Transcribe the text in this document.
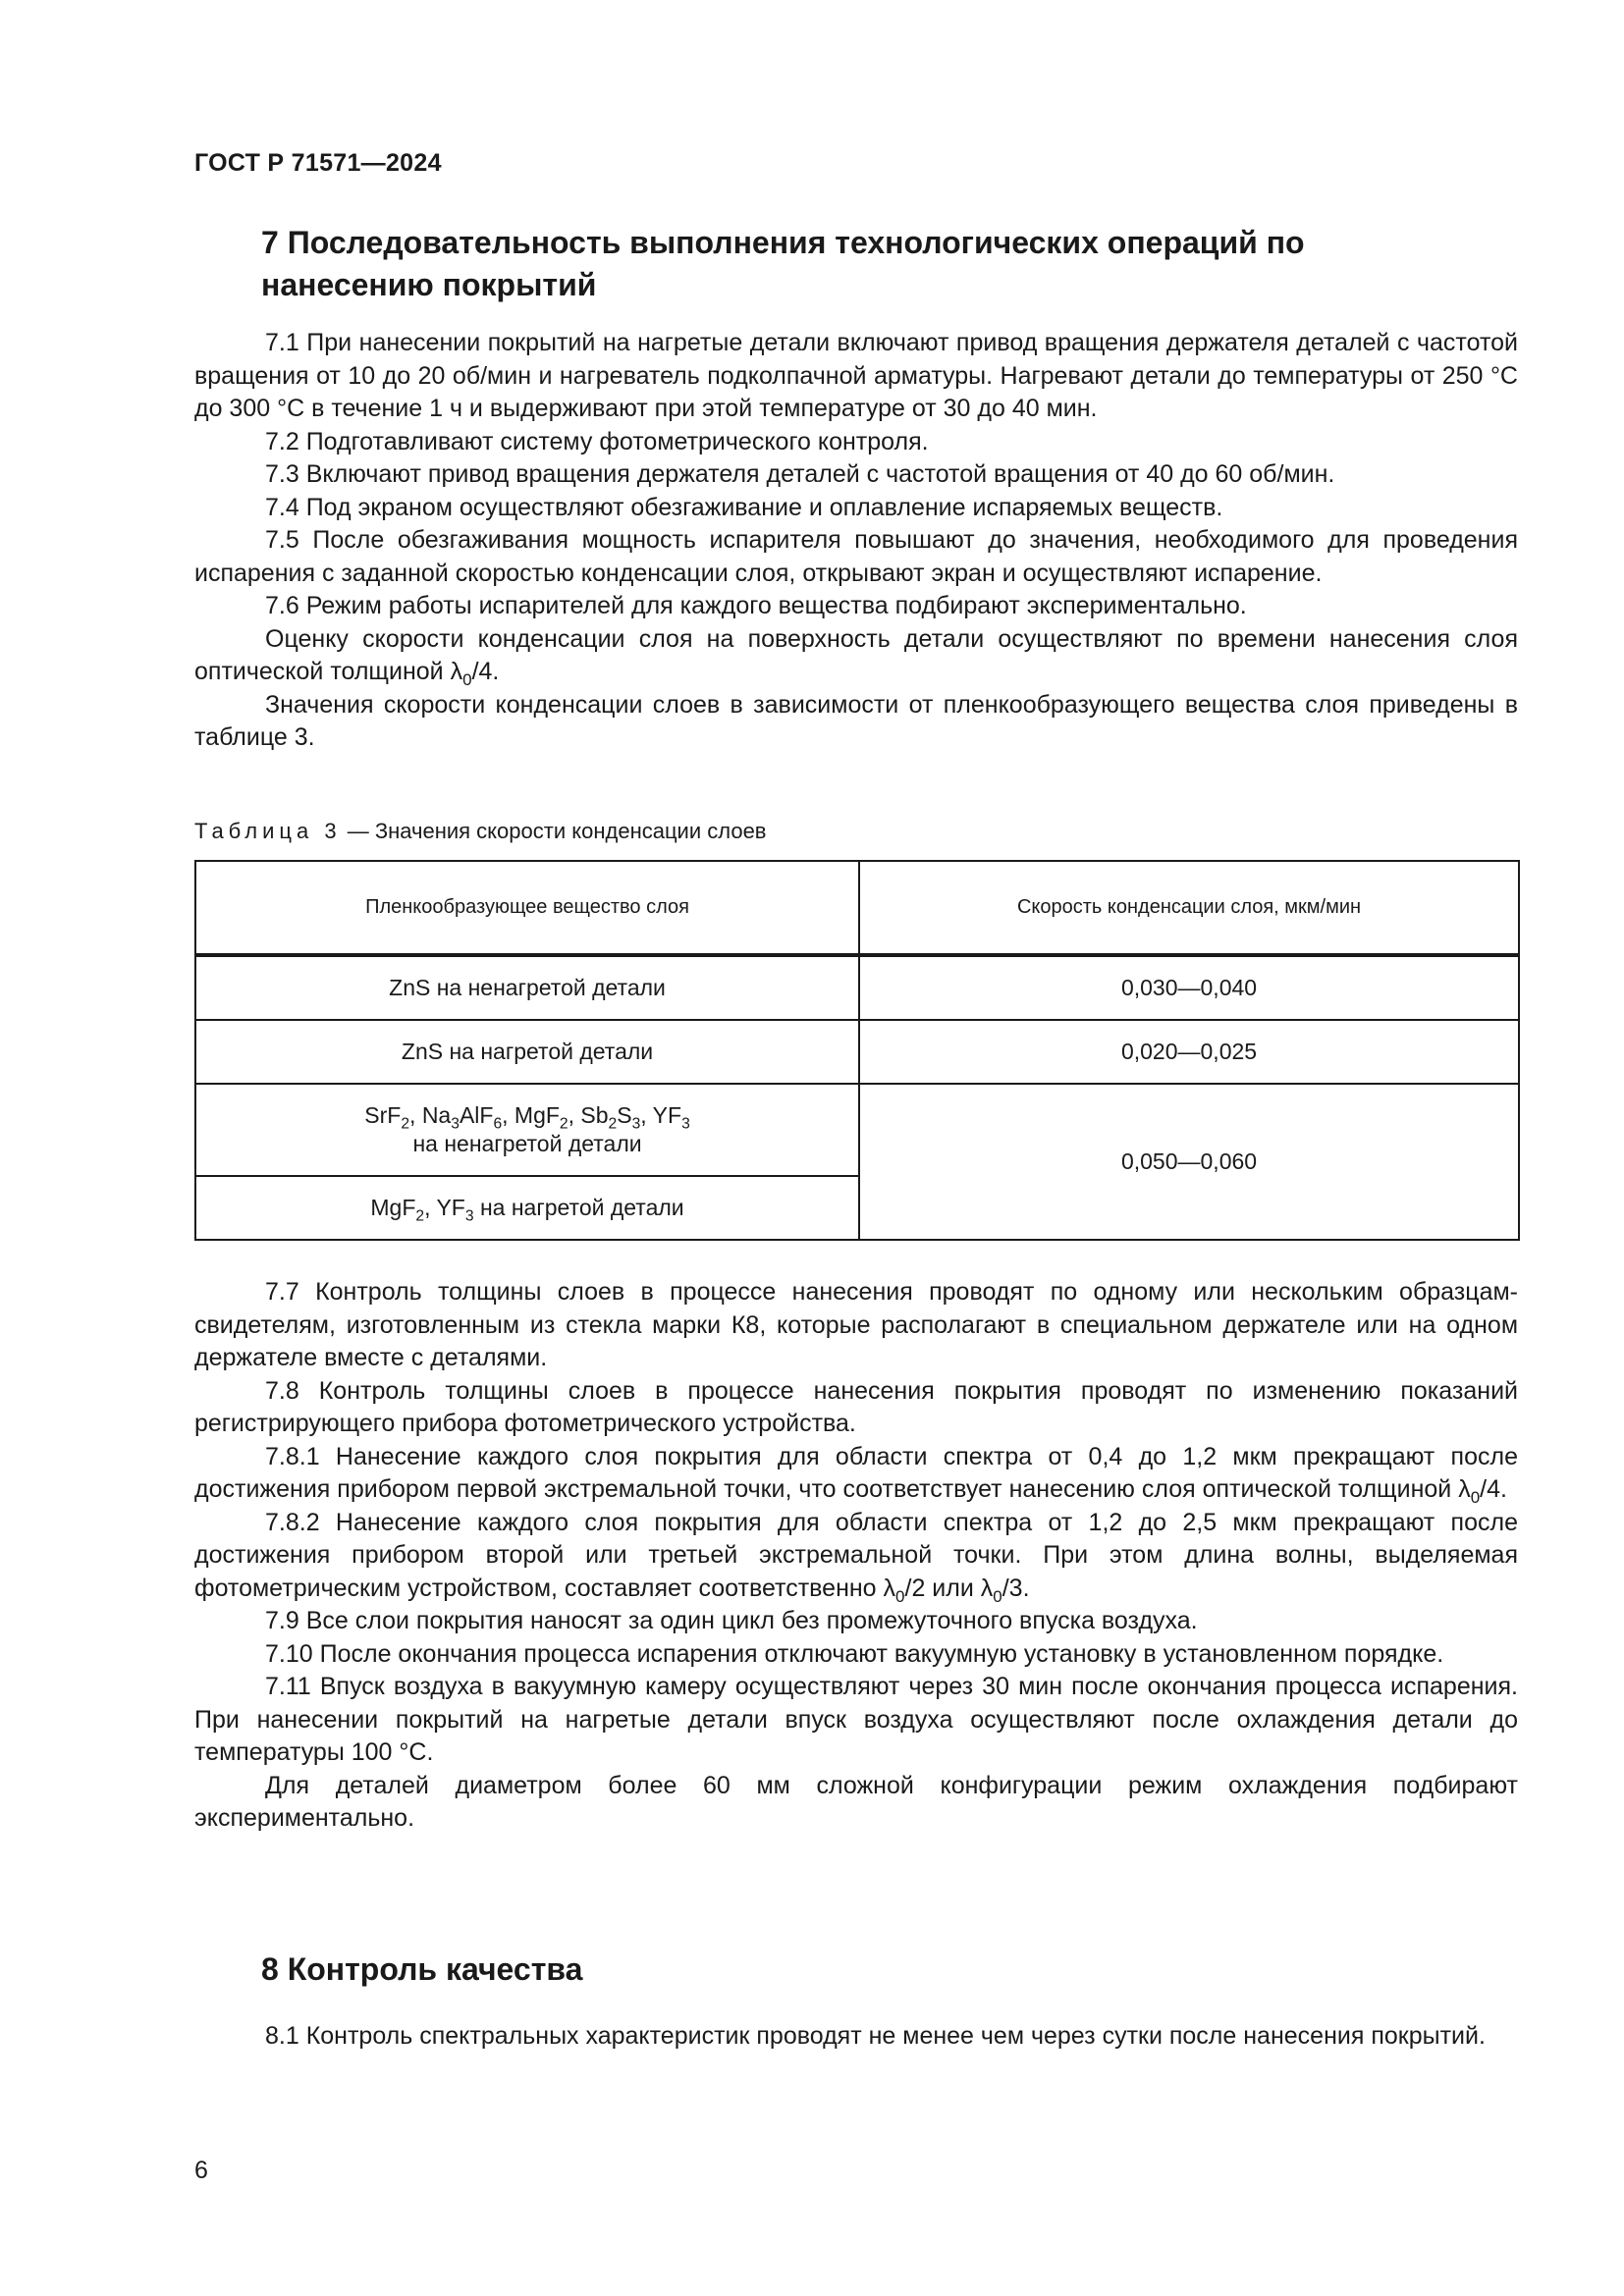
ГОСТ Р 71571—2024
7 Последовательность выполнения технологических операций по
нанесению покрытий

7.1 При нанесении покрытий на нагретые детали включают привод вращения держателя деталей с частотой вращения от 10 до 20 об/мин и нагреватель подколпачной арматуры. Нагревают детали до температуры от 250 °С до 300 °С в течение 1 ч и выдерживают при этой температуре от 30 до 40 мин.

7.2 Подготавливают систему фотометрического контроля.

7.3 Включают привод вращения держателя деталей с частотой вращения от 40 до 60 об/мин.

7.4 Под экраном осуществляют обезгаживание и оплавление испаряемых веществ.

7.5 После обезгаживания мощность испарителя повышают до значения, необходимого для проведения испарения с заданной скоростью конденсации слоя, открывают экран и осуществляют испарение.

7.6 Режим работы испарителей для каждого вещества подбирают экспериментально.

Оценку скорости конденсации слоя на поверхность детали осуществляют по времени нанесения слоя оптической толщиной $\lambda_0/4$.

Значения скорости конденсации слоев в зависимости от пленкообразующего вещества слоя приведены в таблице 3.

Таблица 3 — Значения скорости конденсации слоев
Пленкообразующее вещество слоя	Скорость конденсации слоя, мкм/мин
ZnS на ненагретой детали	0,030—0,040
ZnS на нагретой детали	0,020—0,025
SrF$_2$, $Na_3AlF_6$, MgF$_2$, $Sb_2S_3$, $YF_3$
на ненагретой детали	0,050—0,060
MgF$_2$, $YF_3$ на нагретой детали	

7.7 Контроль толщины слоев в процессе нанесения проводят по одному или нескольким образцам-свидетелям, изготовленным из стекла марки К8, которые располагают в специальном держателе или на одном держателе вместе с деталями.

7.8 Контроль толщины слоев в процессе нанесения покрытия проводят по изменению показаний регистрирующего прибора фотометрического устройства.

7.8.1 Нанесение каждого слоя покрытия для области спектра от 0,4 до 1,2 мкм прекращают после достижения прибором первой экстремальной точки, что соответствует нанесению слоя оптической толщиной $\lambda_0/4$.

7.8.2 Нанесение каждого слоя покрытия для области спектра от 1,2 до 2,5 мкм прекращают после достижения прибором второй или третьей экстремальной точки. При этом длина волны, выделяемая фотометрическим устройством, составляет соответственно $\lambda_0/2$ или $\lambda_0/3$.

7.9 Все слои покрытия наносят за один цикл без промежуточного впуска воздуха.

7.10 После окончания процесса испарения отключают вакуумную установку в установленном порядке.

7.11 Впуск воздуха в вакуумную камеру осуществляют через 30 мин после окончания процесса испарения. При нанесении покрытий на нагретые детали впуск воздуха осуществляют после охлаждения детали до температуры 100 °С.

Для деталей диаметром более 60 мм сложной конфигурации режим охлаждения подбирают экспериментально.

8 Контроль качества

8.1 Контроль спектральных характеристик проводят не менее чем через сутки после нанесения покрытий.

6
